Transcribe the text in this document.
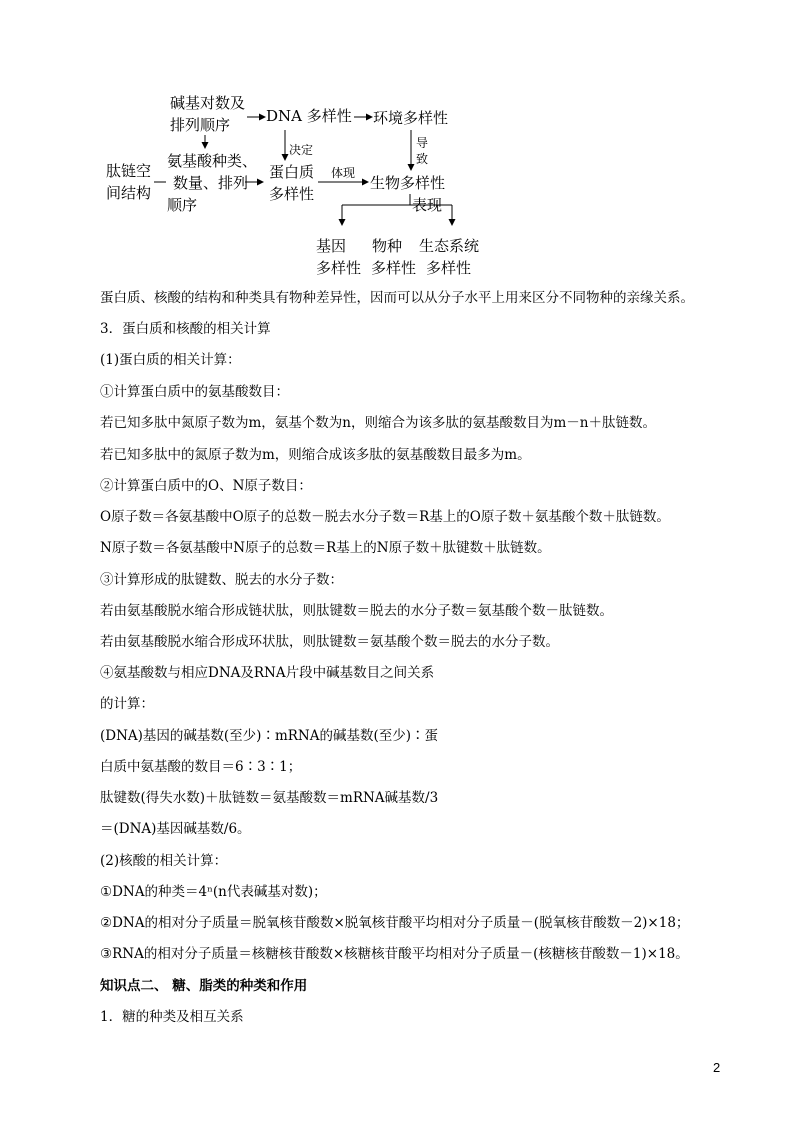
碱基对数及
排列顺序 DNA 多样性 环境多样性
决定	导
致
肽链空
间结构
氨基酸种类、
数量、排列
顺序
蛋白质
多样性
体现
生物多样性
表现
基因
多样性
物种
多样性
生态系统
多样性
蛋白质、核酸的结构和种类具有物种差异性，因而可以从分子水平上用来区分不同物种的亲缘关系。
3．蛋白质和核酸的相关计算
(1)蛋白质的相关计算：
①计算蛋白质中的氨基酸数目：
若已知多肽中氮原子数为m，氨基个数为n，则缩合为该多肽的氨基酸数目为m－n＋肽链数。
若已知多肽中的氮原子数为m，则缩合成该多肽的氨基酸数目最多为m。
②计算蛋白质中的O、N原子数目：
O原子数＝各氨基酸中O原子的总数－脱去水分子数＝R基上的O原子数＋氨基酸个数＋肽链数。
N原子数＝各氨基酸中N原子的总数＝R基上的N原子数＋肽键数＋肽链数。
③计算形成的肽键数、脱去的水分子数：
若由氨基酸脱水缩合形成链状肽，则肽键数＝脱去的水分子数＝氨基酸个数－肽链数。
若由氨基酸脱水缩合形成环状肽，则肽键数＝氨基酸个数＝脱去的水分子数。
④氨基酸数与相应DNA及RNA片段中碱基数目之间关系
的计算：
(DNA)基因的碱基数(至少)∶mRNA的碱基数(至少)∶蛋
白质中氨基酸的数目＝6∶3∶1；
肽键数(得失水数)＋肽链数＝氨基酸数＝mRNA碱基数/3
＝(DNA)基因碱基数/6。
(2)核酸的相关计算：
①DNA的种类＝4ⁿ(n代表碱基对数)；
②DNA的相对分子质量＝脱氧核苷酸数×脱氧核苷酸平均相对分子质量－(脱氧核苷酸数－2)×18；
③RNA的相对分子质量＝核糖核苷酸数×核糖核苷酸平均相对分子质量－(核糖核苷酸数－1)×18。
知识点二、 糖、脂类的种类和作用
1．糖的种类及相互关系
2
